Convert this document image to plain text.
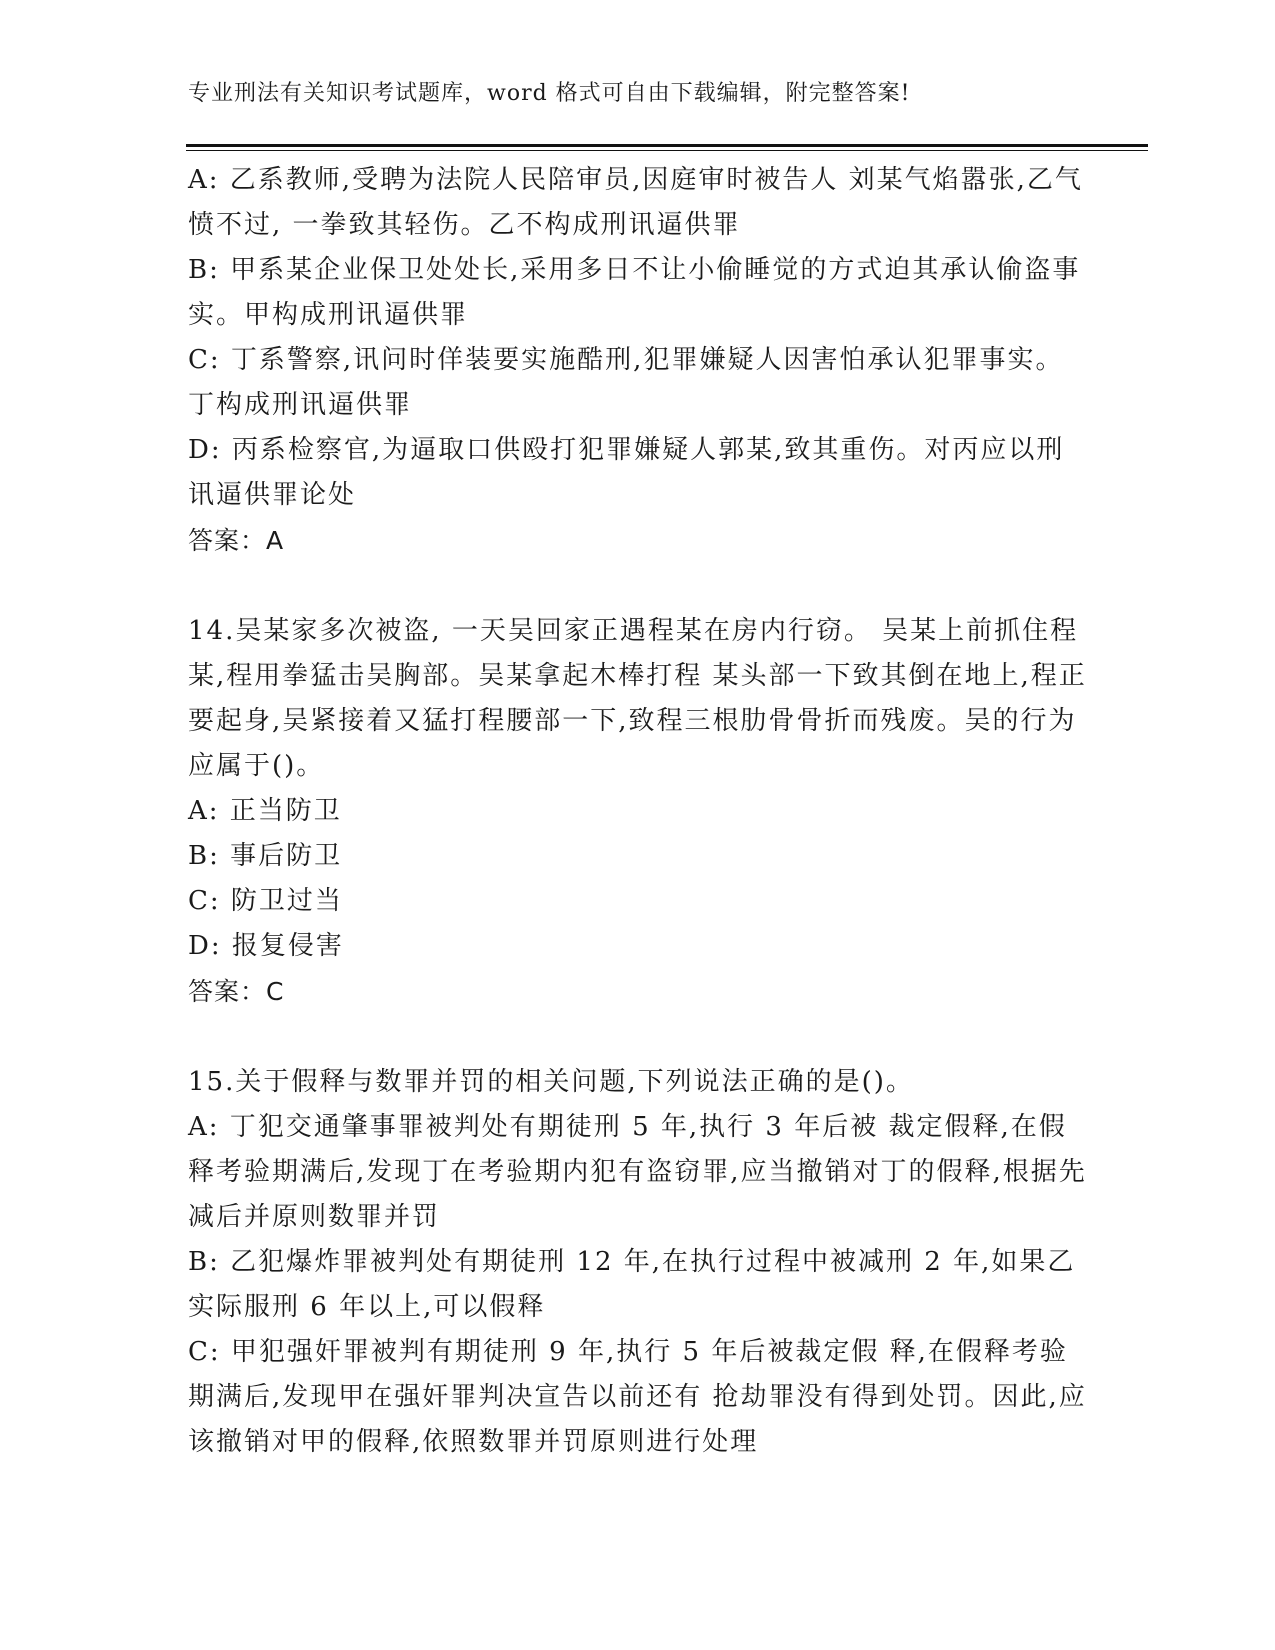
专业刑法有关知识考试题库，word 格式可自由下载编辑，附完整答案!

A: 乙系教师,受聘为法院人民陪审员,因庭审时被告人 刘某气焰嚣张,乙气愤不过, 一拳致其轻伤。乙不构成刑讯逼供罪

B: 甲系某企业保卫处处长,采用多日不让小偷睡觉的方式迫其承认偷盗事实。甲构成刑讯逼供罪

C: 丁系警察,讯问时佯装要实施酷刑,犯罪嫌疑人因害怕承认犯罪事实。丁构成刑讯逼供罪

D: 丙系检察官,为逼取口供殴打犯罪嫌疑人郭某,致其重伤。对丙应以刑讯逼供罪论处

答案：A

14.吴某家多次被盗, 一天吴回家正遇程某在房内行窃。 吴某上前抓住程某,程用拳猛击吴胸部。吴某拿起木棒打程 某头部一下致其倒在地上,程正要起身,吴紧接着又猛打程腰部一下,致程三根肋骨骨折而残废。吴的行为应属于()。

A: 正当防卫

B: 事后防卫

C: 防卫过当

D: 报复侵害

答案：C

15.关于假释与数罪并罚的相关问题,下列说法正确的是()。

A: 丁犯交通肇事罪被判处有期徒刑 5 年,执行 3 年后被 裁定假释,在假释考验期满后,发现丁在考验期内犯有盗窃罪,应当撤销对丁的假释,根据先减后并原则数罪并罚

B: 乙犯爆炸罪被判处有期徒刑 12 年,在执行过程中被减刑 2 年,如果乙实际服刑 6 年以上,可以假释

C: 甲犯强奸罪被判有期徒刑 9 年,执行 5 年后被裁定假 释,在假释考验期满后,发现甲在强奸罪判决宣告以前还有 抢劫罪没有得到处罚。因此,应该撤销对甲的假释,依照数罪并罚原则进行处理
